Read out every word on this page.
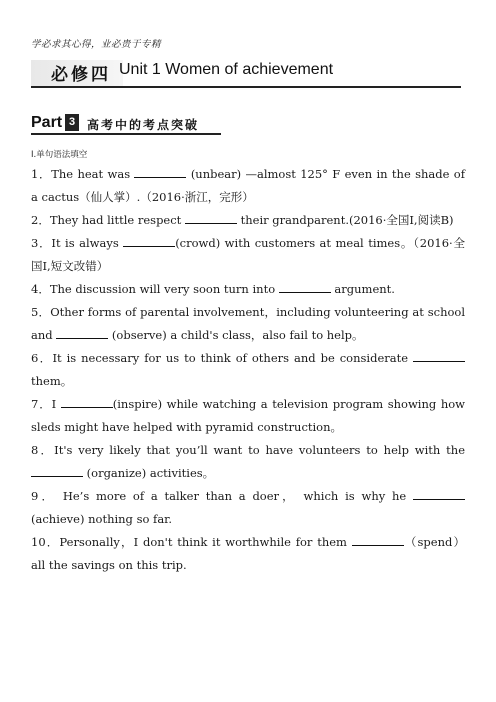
学必求其心得，业必贵于专精
必修四 Unit 1 Women of achievement
Part 3 高考中的考点突破
Ⅰ.单句语法填空

1．The heat was	(unbear) —almost 125° F even in the shade of a cactus（仙人掌）.（2016·浙江，完形）

2．They had little respect	their grandparent.(2016·全国Ⅰ,阅读B)

3．It is always	(crowd) with customers at meal times。（2016·全国Ⅰ,短文改错）

4．The discussion will very soon turn into	argument.

5．Other forms of parental involvement，including volunteering at school and	(observe) a child's class，also fail to help。

6．It is necessary for us to think of others and be considerate  them。

7．I	(inspire) while watching a television program showing how sleds might have helped with pyramid construction。

8．It's very likely that you’ll want to have volunteers to help with the  (organize) activities。

9． He’s more of a talker than a doer， which is why he (achieve) nothing so far.

10．Personally，I don't think it worthwhile for them	（spend） all the savings on this trip.
